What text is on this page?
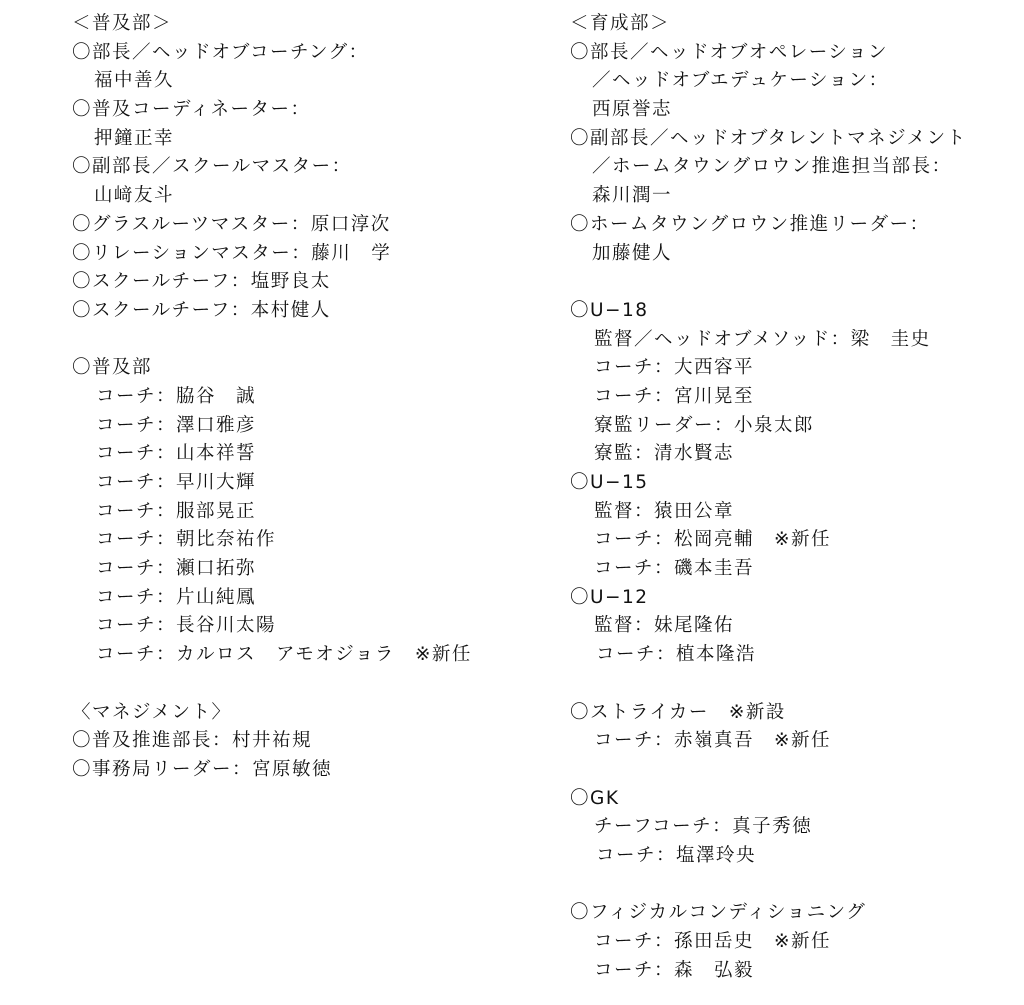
＜普及部＞
〇部長／ヘッドオブコーチング：
福中善久
〇普及コーディネーター：
押鐘正幸
〇副部長／スクールマスター：
山﨑友斗
〇グラスルーツマスター：原口淳次
〇リレーションマスター：藤川　学
〇スクールチーフ：塩野良太
〇スクールチーフ：本村健人
〇普及部
コーチ：脇谷　誠
コーチ：澤口雅彦
コーチ：山本祥誓
コーチ：早川大輝
コーチ：服部晃正
コーチ：朝比奈祐作
コーチ：瀬口拓弥
コーチ：片山純鳳
コーチ：長谷川太陽
コーチ：カルロス　アモオジョラ　※新任
〈マネジメント〉
〇普及推進部長：村井祐規
〇事務局リーダー：宮原敏徳
＜育成部＞
〇部長／ヘッドオブオペレーション
／ヘッドオブエデュケーション：
西原誉志
〇副部長／ヘッドオブタレントマネジメント
／ホームタウングロウン推進担当部長：
森川潤一
〇ホームタウングロウン推進リーダー：
加藤健人
〇U−18
監督／ヘッドオブメソッド：梁　圭史
コーチ：大西容平
コーチ：宮川晃至
寮監リーダー：小泉太郎
寮監：清水賢志
〇U−15
監督：猿田公章
コーチ：松岡亮輔　※新任
コーチ：磯本圭吾
〇U−12
監督：妹尾隆佑
コーチ：植本隆浩
〇ストライカー　※新設
コーチ：赤嶺真吾　※新任
〇GK
チーフコーチ：真子秀徳
コーチ：塩澤玲央
〇フィジカルコンディショニング
コーチ：孫田岳史　※新任
コーチ：森　弘毅
